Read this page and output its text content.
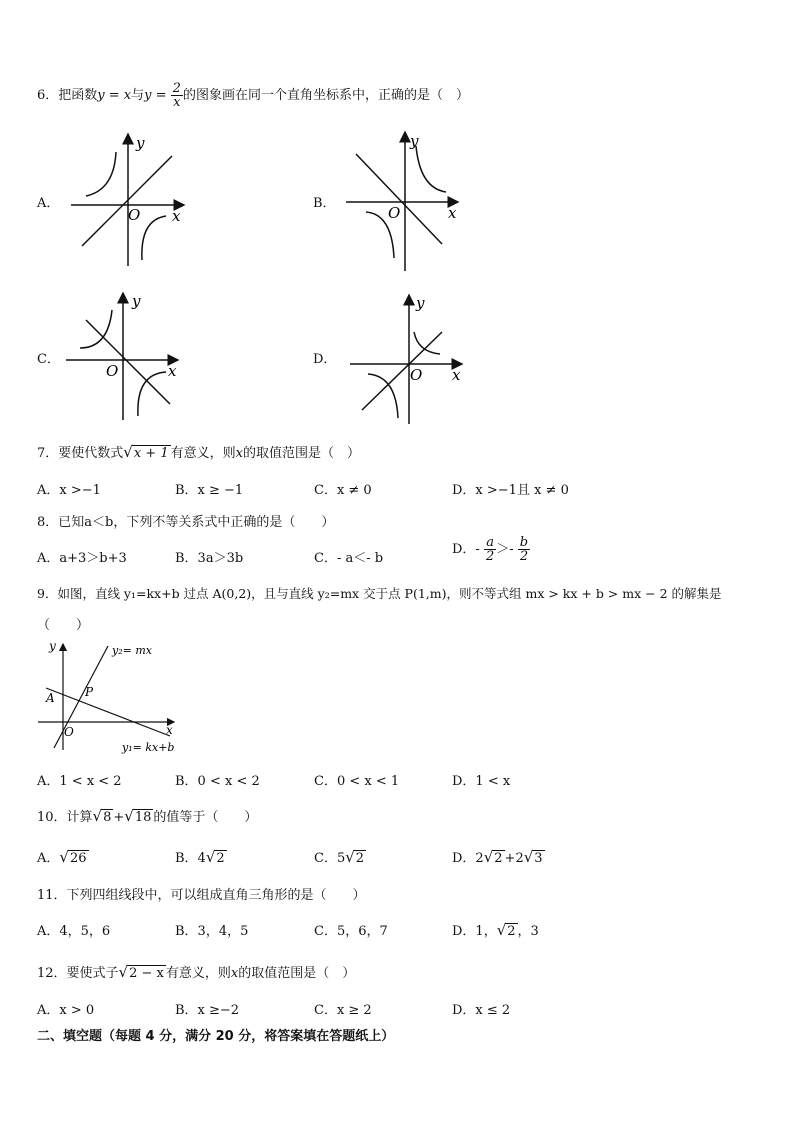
6．把函数y = x与$y = \frac{2}{x}$ 的图象画在同一个直角坐标系中，正确的是（　）
A．	B．
C．	D．
y
x
O
y
x
O
y
x
O
y
x
O
7．要使代数式√x + 1 有意义，则x的取值范围是（　）
A．x >−1	B．x ≥ −1	C．x ≠ 0	D．x >−1且 x ≠ 0
8．已知a＜b，下列不等关系式中正确的是（　　）
A．a+3＞b+3	B．3a＞3b	C．- a＜- b
D．- $\frac{a}{2} >- \frac{b}{2}$
9．如图，直线 y₁=kx+b 过点 A(0,2)，且与直线 y₂=mx 交于点 P(1,m)，则不等式组 mx > kx + b > mx − 2 的解集是
（　　）
y₂= mx
y₁= kx+b
A	P
O	x
y
A．1 < x < 2	B．0 < x < 2	C．0 < x < 1	D．1 < x
10．计算√8 +√18 的值等于（　　）
A．√26	B．4√2	C．5√2	D．2√2 +2√3
11．下列四组线段中，可以组成直角三角形的是（　　）
A．4，5，6	B．3，4，5	C．5，6，7	D．1，√2 ，3
12．要使式子√2 − x 有意义，则x的取值范围是（　）
A．x > 0	B．x ≥−2	C．x ≥ 2	D．x ≤ 2
二、填空题（每题 4 分，满分 20 分，将答案填在答题纸上）
